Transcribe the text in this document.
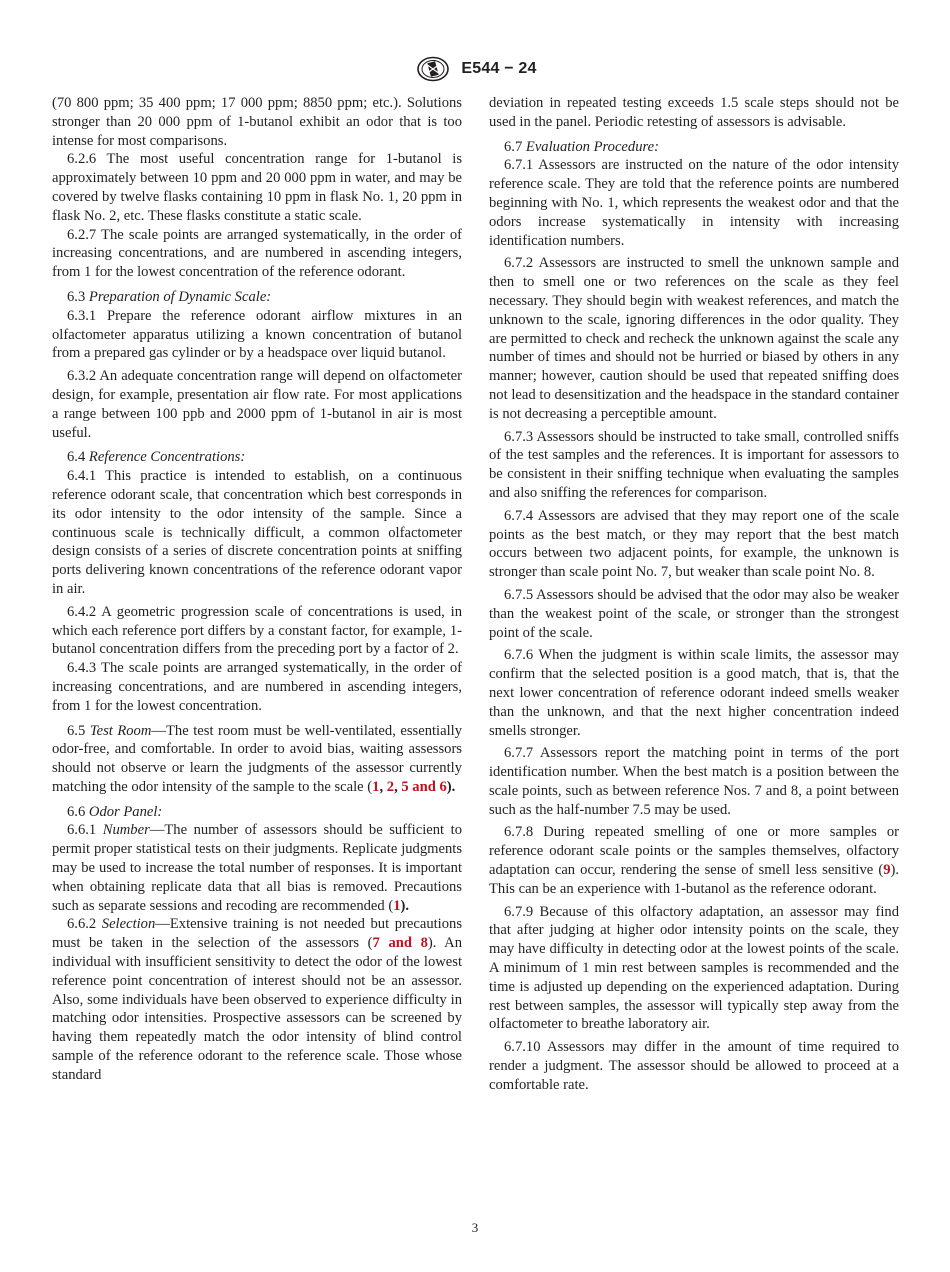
E544 − 24

(70 800 ppm; 35 400 ppm; 17 000 ppm; 8850 ppm; etc.). Solutions stronger than 20 000 ppm of 1-butanol exhibit an odor that is too intense for most comparisons.

6.2.6 The most useful concentration range for 1-butanol is approximately between 10 ppm and 20 000 ppm in water, and may be covered by twelve flasks containing 10 ppm in flask No. 1, 20 ppm in flask No. 2, etc. These flasks constitute a static scale.

6.2.7 The scale points are arranged systematically, in the order of increasing concentrations, and are numbered in ascending integers, from 1 for the lowest concentration of the reference odorant.

6.3 Preparation of Dynamic Scale:

6.3.1 Prepare the reference odorant airflow mixtures in an olfactometer apparatus utilizing a known concentration of butanol from a prepared gas cylinder or by a headspace over liquid butanol.

6.3.2 An adequate concentration range will depend on olfactometer design, for example, presentation air flow rate. For most applications a range between 100 ppb and 2000 ppm of 1-butanol in air is most useful.

6.4 Reference Concentrations:

6.4.1 This practice is intended to establish, on a continuous reference odorant scale, that concentration which best corresponds in its odor intensity to the odor intensity of the sample. Since a continuous scale is technically difficult, a common olfactometer design consists of a series of discrete concentration points at sniffing ports delivering known concentrations of the reference odorant vapor in air.

6.4.2 A geometric progression scale of concentrations is used, in which each reference port differs by a constant factor, for example, 1-butanol concentration differs from the preceding port by a factor of 2.

6.4.3 The scale points are arranged systematically, in the order of increasing concentrations, and are numbered in ascending integers, from 1 for the lowest concentration.

6.5 Test Room—The test room must be well-ventilated, essentially odor-free, and comfortable. In order to avoid bias, waiting assessors should not observe or learn the judgments of the assessor currently matching the odor intensity of the sample to the scale (1, 2, 5 and 6).

6.6 Odor Panel:

6.6.1 Number—The number of assessors should be sufficient to permit proper statistical tests on their judgments. Replicate judgments may be used to increase the total number of responses. It is important when obtaining replicate data that all bias is removed. Precautions such as separate sessions and recoding are recommended (1).

6.6.2 Selection—Extensive training is not needed but precautions must be taken in the selection of the assessors (7 and 8). An individual with insufficient sensitivity to detect the odor of the lowest reference point concentration of interest should not be an assessor. Also, some individuals have been observed to experience difficulty in matching odor intensities. Prospective assessors can be screened by having them repeatedly match the odor intensity of blind control sample of the reference odorant to the reference scale. Those whose standard

deviation in repeated testing exceeds 1.5 scale steps should not be used in the panel. Periodic retesting of assessors is advisable.

6.7 Evaluation Procedure:

6.7.1 Assessors are instructed on the nature of the odor intensity reference scale. They are told that the reference points are numbered beginning with No. 1, which represents the weakest odor and that the odors increase systematically in intensity with increasing identification numbers.

6.7.2 Assessors are instructed to smell the unknown sample and then to smell one or two references on the scale as they feel necessary. They should begin with weakest references, and match the unknown to the scale, ignoring differences in the odor quality. They are permitted to check and recheck the unknown against the scale any number of times and should not be hurried or biased by others in any manner; however, caution should be used that repeated sniffing does not lead to desensitization and the headspace in the standard container is not decreasing a perceptible amount.

6.7.3 Assessors should be instructed to take small, controlled sniffs of the test samples and the references. It is important for assessors to be consistent in their sniffing technique when evaluating the samples and also sniffing the references for comparison.

6.7.4 Assessors are advised that they may report one of the scale points as the best match, or they may report that the best match occurs between two adjacent points, for example, the unknown is stronger than scale point No. 7, but weaker than scale point No. 8.

6.7.5 Assessors should be advised that the odor may also be weaker than the weakest point of the scale, or stronger than the strongest point of the scale.

6.7.6 When the judgment is within scale limits, the assessor may confirm that the selected position is a good match, that is, that the next lower concentration of reference odorant indeed smells weaker than the unknown, and that the next higher concentration indeed smells stronger.

6.7.7 Assessors report the matching point in terms of the port identification number. When the best match is a position between the scale points, such as between reference Nos. 7 and 8, a point between such as the half-number 7.5 may be used.

6.7.8 During repeated smelling of one or more samples or reference odorant scale points or the samples themselves, olfactory adaptation can occur, rendering the sense of smell less sensitive (9). This can be an experience with 1-butanol as the reference odorant.

6.7.9 Because of this olfactory adaptation, an assessor may find that after judging at higher odor intensity points on the scale, they may have difficulty in detecting odor at the lowest points of the scale. A minimum of 1 min rest between samples is recommended and the time is adjusted up depending on the experienced adaptation. During rest between samples, the assessor will typically step away from the olfactometer to breathe laboratory air.

6.7.10 Assessors may differ in the amount of time required to render a judgment. The assessor should be allowed to proceed at a comfortable rate.

3
